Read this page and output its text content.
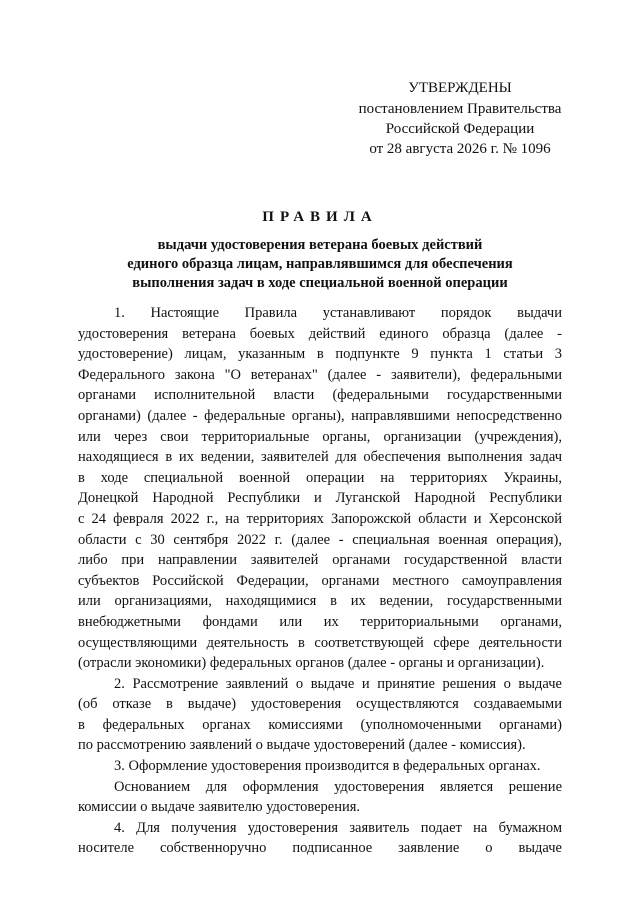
УТВЕРЖДЕНЫ
постановлением Правительства
Российской Федерации
от 28 августа 2026 г. № 1096
ПРАВИЛА
выдачи удостоверения ветерана боевых действий
единого образца лицам, направлявшимся для обеспечения
выполнения задач в ходе специальной военной операции
1. Настоящие Правила устанавливают порядок выдачи
удостоверения ветерана боевых действий единого образца (далее -
удостоверение) лицам, указанным в подпункте 9 пункта 1 статьи 3
Федерального закона "О ветеранах" (далее - заявители), федеральными
органами исполнительной власти (федеральными государственными
органами) (далее - федеральные органы), направлявшими непосредственно
или через свои территориальные органы, организации (учреждения),
находящиеся в их ведении, заявителей для обеспечения выполнения задач
в ходе специальной военной операции на территориях Украины,
Донецкой Народной Республики и Луганской Народной Республики
с 24 февраля 2022 г., на территориях Запорожской области и Херсонской
области с 30 сентября 2022 г. (далее - специальная военная операция),
либо при направлении заявителей органами государственной власти
субъектов Российской Федерации, органами местного самоуправления
или организациями, находящимися в их ведении, государственными
внебюджетными фондами или их территориальными органами,
осуществляющими деятельность в соответствующей сфере деятельности
(отрасли экономики) федеральных органов (далее - органы и организации).
2. Рассмотрение заявлений о выдаче и принятие решения о выдаче
(об отказе в выдаче) удостоверения осуществляются создаваемыми
в федеральных органах комиссиями (уполномоченными органами)
по рассмотрению заявлений о выдаче удостоверений (далее - комиссия).
3. Оформление удостоверения производится в федеральных органах.
Основанием для оформления удостоверения является решение
комиссии о выдаче заявителю удостоверения.
4. Для получения удостоверения заявитель подает на бумажном
носителе собственноручно подписанное заявление о выдаче
